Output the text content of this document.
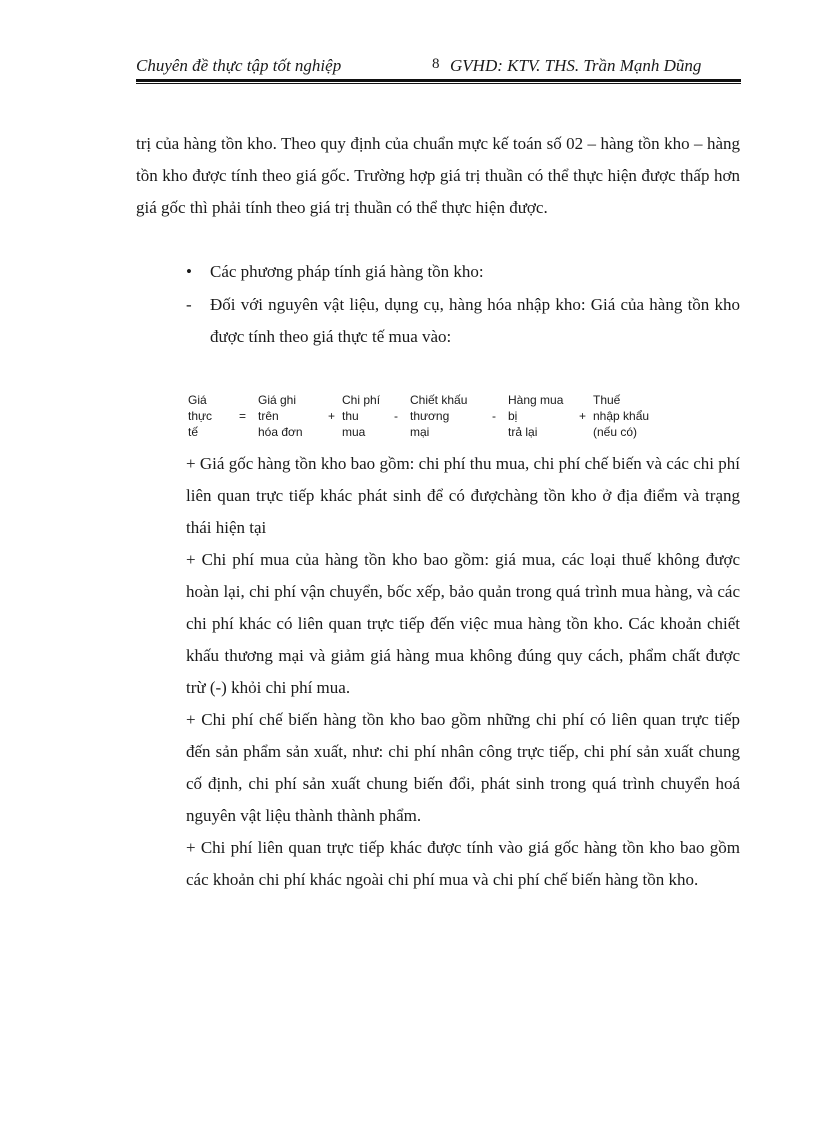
Chuyên đề thực tập tốt nghiệp	8 GVHD: KTV. THS. Trần Mạnh Dũng
trị của hàng tồn kho. Theo quy định của chuẩn mực kế toán số 02 – hàng tồn kho – hàng tồn kho được tính theo giá gốc. Trường hợp giá trị thuần có thể thực hiện được thấp hơn giá gốc thì phải tính theo giá trị thuần có thể thực hiện được.
• Các phương pháp tính giá hàng tồn kho:
- Đối với nguyên vật liệu, dụng cụ, hàng hóa nhập kho: Giá của hàng tồn kho được tính theo giá thực tế mua vào:
Giá
thực
tế
=
Giá ghi
trên
hóa đơn
+
Chi phí
thu
mua
-
Chiết khấu
thương
mại
-
Hàng mua
bị
trả lại
+
Thuế
nhập khẩu
(nếu có)
+ Giá gốc hàng tồn kho bao gồm: chi phí thu mua, chi phí chế biến và các chi phí liên quan trực tiếp khác phát sinh để có đượchàng tồn kho ở địa điểm và trạng thái hiện tại
+ Chi phí mua của hàng tồn kho bao gồm: giá mua, các loại thuế không được hoàn lại, chi phí vận chuyển, bốc xếp, bảo quản trong quá trình mua hàng, và các chi phí khác có liên quan trực tiếp đến việc mua hàng tồn kho. Các khoản chiết khấu thương mại và giảm giá hàng mua không đúng quy cách, phẩm chất được trừ (-) khỏi chi phí mua.
+ Chi phí chế biến hàng tồn kho bao gồm những chi phí có liên quan trực tiếp đến sản phẩm sản xuất, như: chi phí nhân công trực tiếp, chi phí sản xuất chung cố định, chi phí sản xuất chung biến đổi, phát sinh trong quá trình chuyển hoá nguyên vật liệu thành thành phẩm.
+ Chi phí liên quan trực tiếp khác được tính vào giá gốc hàng tồn kho bao gồm các khoản chi phí khác ngoài chi phí mua và chi phí chế biến hàng tồn kho.
